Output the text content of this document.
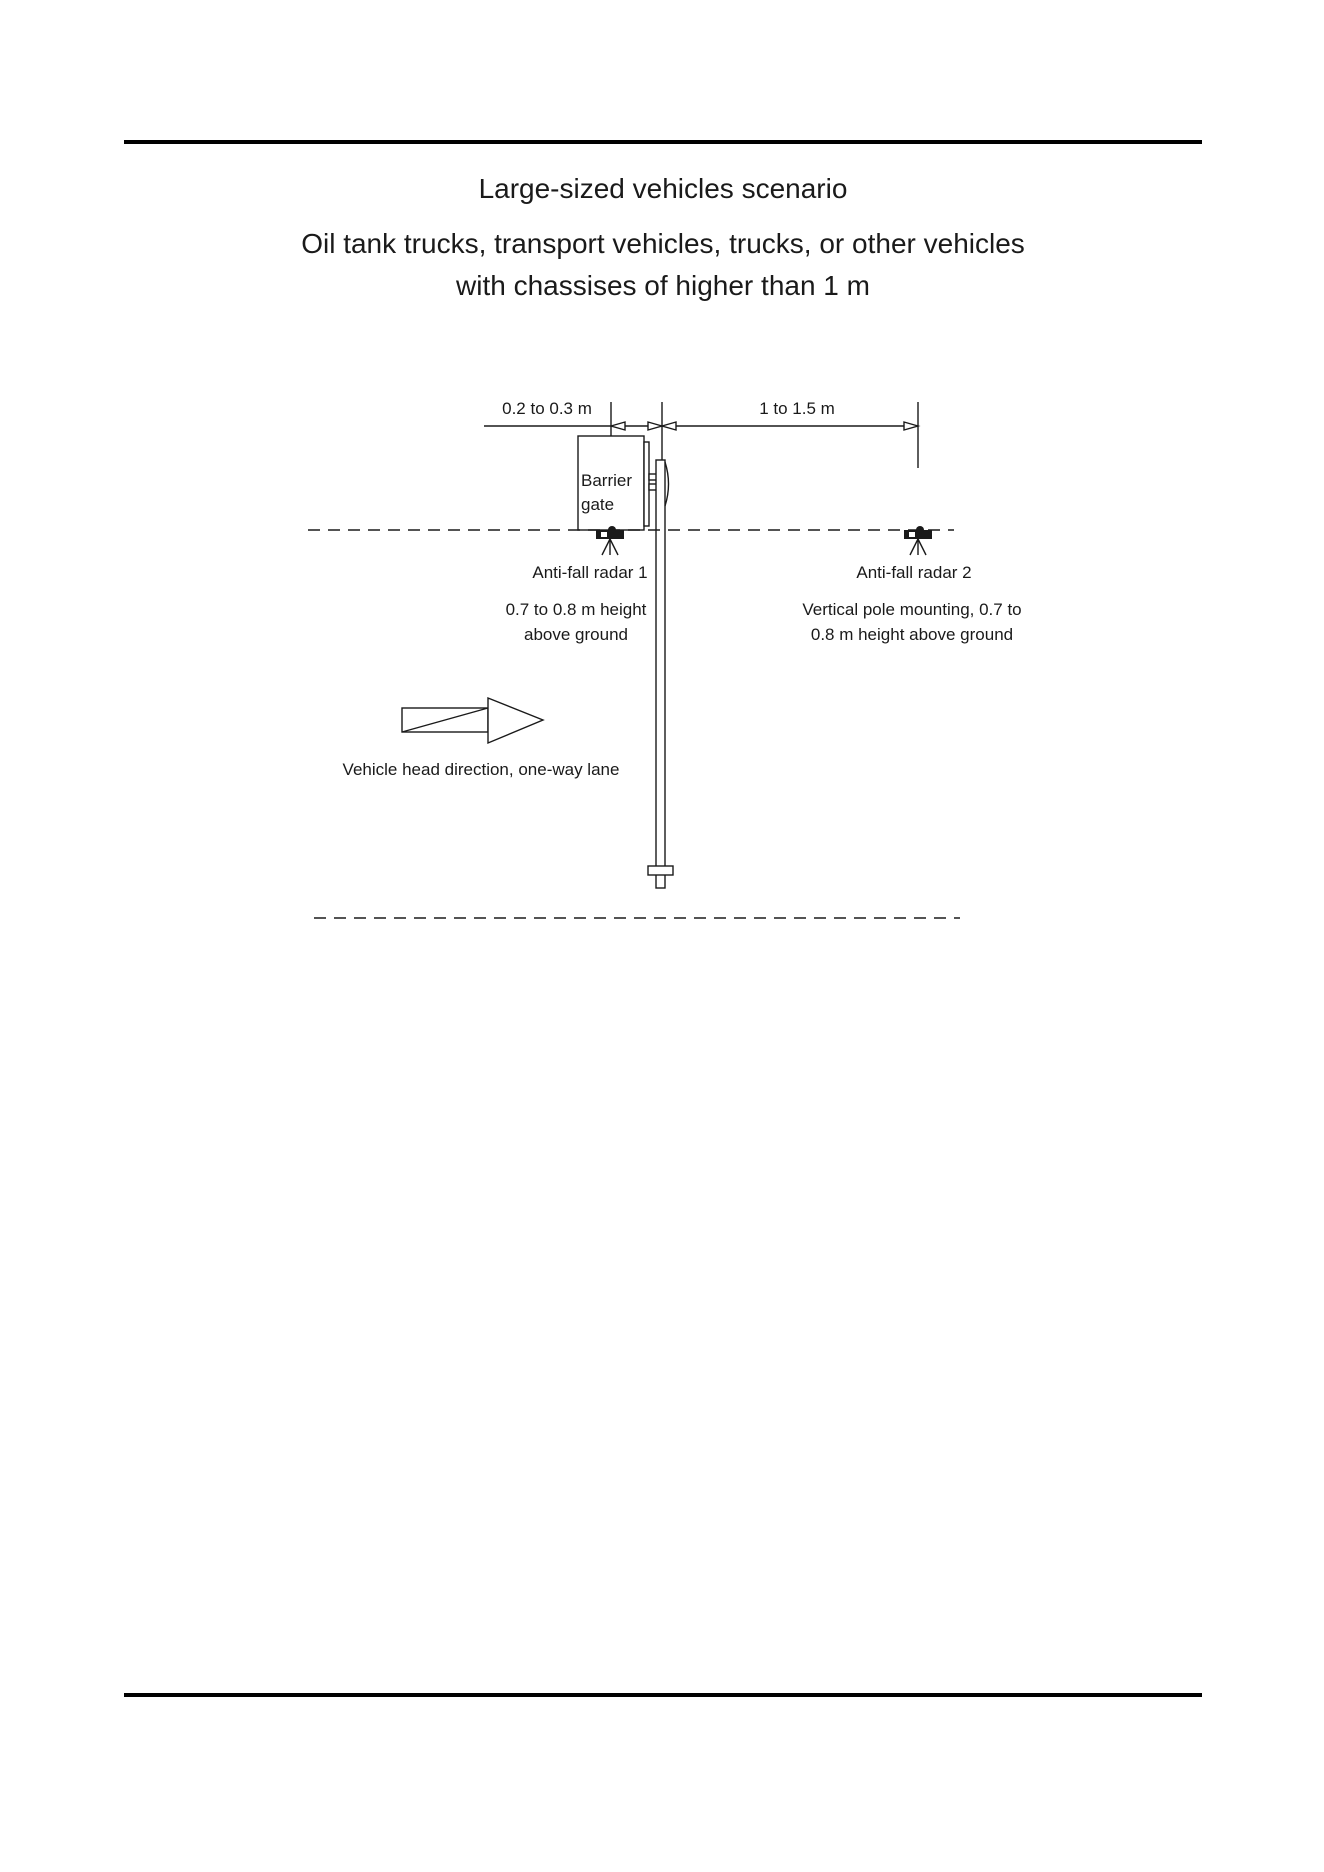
Large-sized vehicles scenario
Oil tank trucks, transport vehicles, trucks, or other vehicles
with chassises of higher than 1 m
0.2 to 0.3 m	1 to 1.5 m
Barrier
gate
Anti-fall radar 1
0.7 to 0.8 m height
above ground
Anti-fall radar 2
Vertical pole mounting, 0.7 to
0.8 m height above ground
Vehicle head direction, one-way lane
